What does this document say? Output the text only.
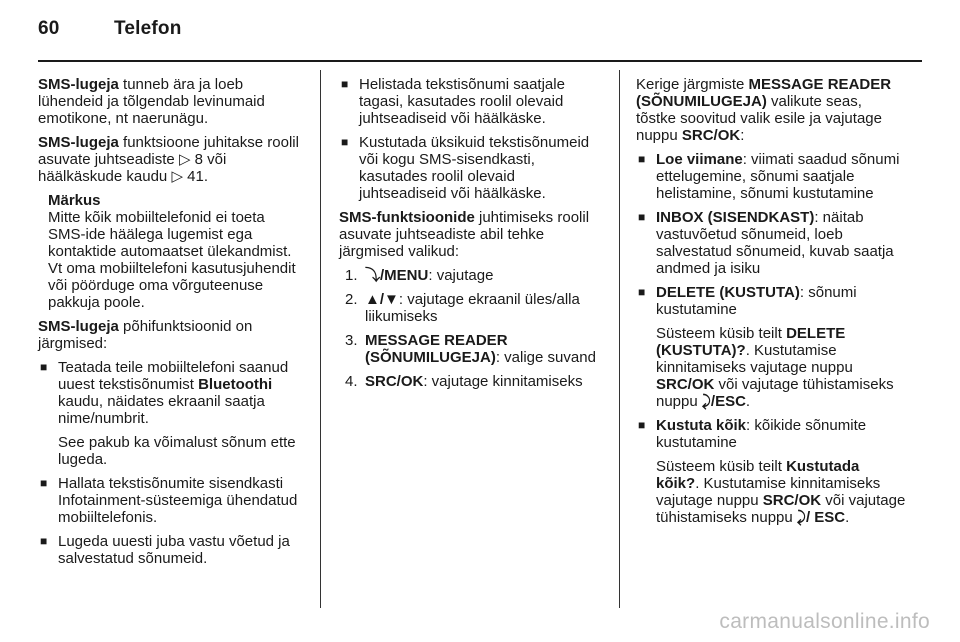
60	Telefon

SMS-lugeja tunneb ära ja loeb lühendeid ja tõlgendab levinumaid emotikone, nt naerunägu.

SMS-lugeja funktsioone juhitakse roolil asuvate juhtseadiste ▷ 8 või häälkäskude kaudu ▷ 41.

Märkus
Mitte kõik mobiiltelefonid ei toeta SMS-ide häälega lugemist ega kontaktide automaatset ülekandmist. Vt oma mobiiltelefoni kasutusjuhendit või pöörduge oma võrguteenuse pakkuja poole.

SMS-lugeja põhifunktsioonid on järgmised:

■ Teatada teile mobiiltelefoni saanud uuest tekstisõnumist Bluetoothi kaudu, näidates ekraanil saatja nime/numbrit.
See pakub ka võimalust sõnum ette lugeda.
■ Hallata tekstisõnumite sisendkasti Infotainment-süsteemiga ühendatud mobiiltelefonis.
■ Lugeda uuesti juba vastu võetud ja salvestatud sõnumeid.
■ Helistada tekstisõnumi saatjale tagasi, kasutades roolil olevaid juhtseadiseid või häälkäske.
■ Kustutada üksikuid tekstisõnumeid või kogu SMS-sisendkasti, kasutades roolil olevaid juhtseadiseid või häälkäske.

SMS-funktsioonide juhtimiseks roolil asuvate juhtseadiste abil tehke järgmised valikud:

1. ⤵/MENU: vajutage
2. ▲/▼: vajutage ekraanil üles/alla liikumiseks
3. MESSAGE READER (SÕNUMILUGEJA): valige suvand
4. SRC/OK: vajutage kinnitamiseks

Kerige järgmiste MESSAGE READER (SÕNUMILUGEJA) valikute seas, tõstke soovitud valik esile ja vajutage nuppu SRC/OK:

■ Loe viimane: viimati saadud sõnumi ettelugemine, sõnumi saatjale helistamine, sõnumi kustutamine
■ INBOX (SISENDKAST): näitab vastuvõetud sõnumeid, loeb salvestatud sõnumeid, kuvab saatja andmed ja isiku
■ DELETE (KUSTUTA): sõnumi kustutamine
Süsteem küsib teilt DELETE (KUSTUTA)?. Kustutamise kinnitamiseks vajutage nuppu SRC/OK või vajutage tühistamiseks nuppu ⤸/ESC.
■ Kustuta kõik: kõikide sõnumite kustutamine
Süsteem küsib teilt Kustutada kõik?. Kustutamise kinnitamiseks vajutage nuppu SRC/OK või vajutage tühistamiseks nuppu ⤸/ ESC.
carmanualsonline.info
